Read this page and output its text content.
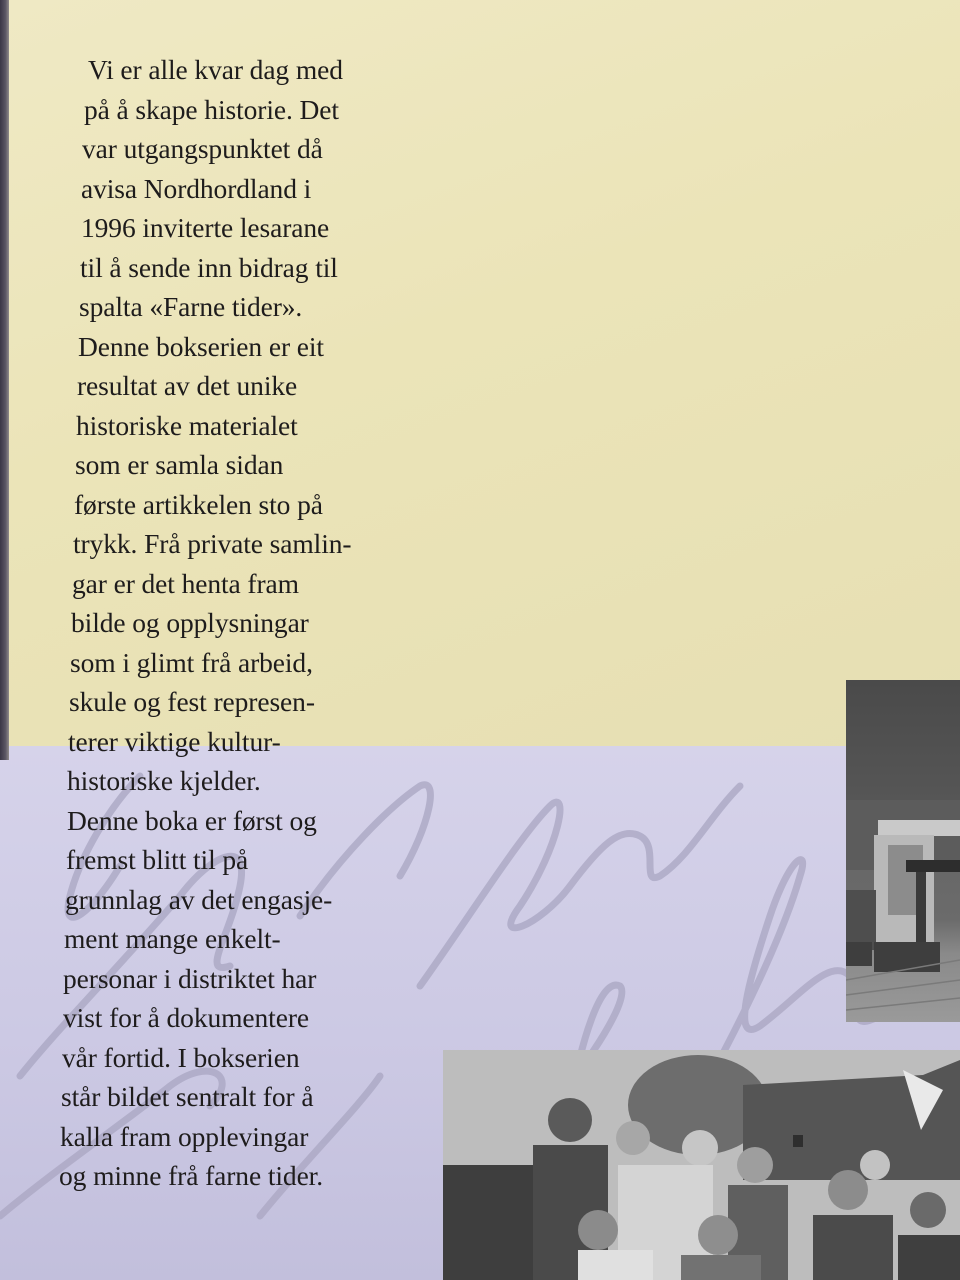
Vi er alle kvar dag med
på å skape historie. Det
var utgangspunktet då
avisa Nordhordland i
1996 inviterte lesarane
til å sende inn bidrag til
spalta «Farne tider».
Denne bokserien er eit
resultat av det unike
historiske materialet
som er samla sidan
første artikkelen sto på
trykk. Frå private samlin-
gar er det henta fram
bilde og opplysningar
som i glimt frå arbeid,
skule og fest represen-
terer viktige kultur-
historiske kjelder.
Denne boka er først og
fremst blitt til på
grunnlag av det engasje-
ment mange enkelt-
personar i distriktet har
vist for å dokumentere
vår fortid. I bokserien
står bildet sentralt for å
kalla fram opplevingar
og minne frå farne tider.
